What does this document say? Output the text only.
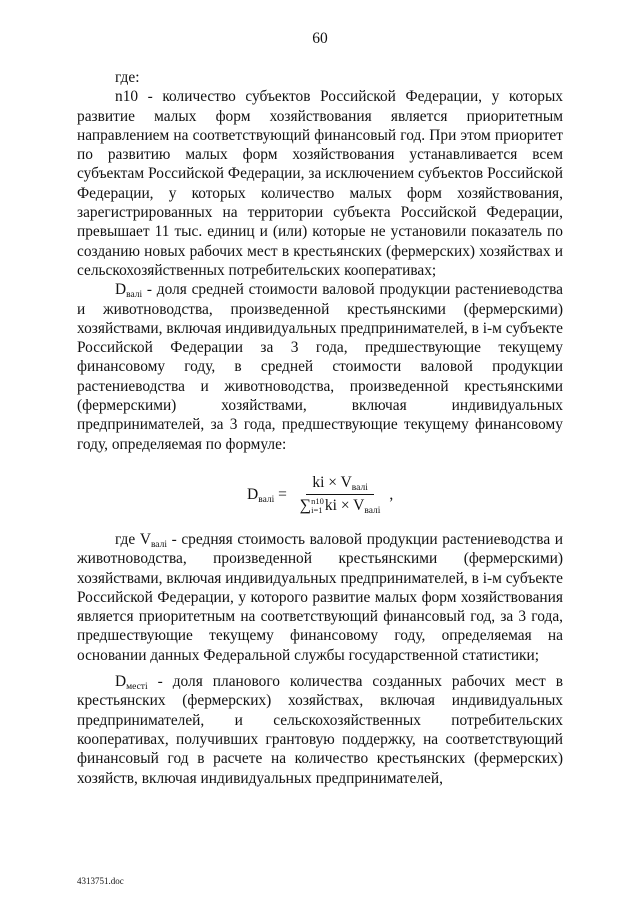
60

где:

n10 - количество субъектов Российской Федерации, у которых развитие малых форм хозяйствования является приоритетным направлением на соответствующий финансовый год. При этом приоритет по развитию малых форм хозяйствования устанавливается всем субъектам Российской Федерации, за исключением субъектов Российской Федерации, у которых количество малых форм хозяйствования, зарегистрированных на территории субъекта Российской Федерации, превышает 11 тыс. единиц и (или) которые не установили показатель по созданию новых рабочих мест в крестьянских (фермерских) хозяйствах и сельскохозяйственных потребительских кооперативах;

$D_{валi}$ - доля средней стоимости валовой продукции растениеводства и животноводства, произведенной крестьянскими (фермерскими) хозяйствами, включая индивидуальных предпринимателей, в i-м субъекте Российской Федерации за 3 года, предшествующие текущему финансовому году, в средней стоимости валовой продукции растениеводства и животноводства, произведенной крестьянскими (фермерскими) хозяйствами, включая индивидуальных предпринимателей, за 3 года, предшествующие текущему финансовому году, определяемая по формуле:

где $V_{валi}$ - средняя стоимость валовой продукции растениеводства и животноводства, произведенной крестьянскими (фермерскими) хозяйствами, включая индивидуальных предпринимателей, в i-м субъекте Российской Федерации, у которого развитие малых форм хозяйствования является приоритетным на соответствующий финансовый год, за 3 года, предшествующие текущему финансовому году, определяемая на основании данных Федеральной службы государственной статистики;

$D_{местi}$ - доля планового количества созданных рабочих мест в крестьянских (фермерских) хозяйствах, включая индивидуальных предпринимателей, и сельскохозяйственных потребительских кооперативах, получивших грантовую поддержку, на соответствующий финансовый год в расчете на количество крестьянских (фермерских) хозяйств, включая индивидуальных предпринимателей,

$D_{валi}$ = ki × $V_{валi}$
∑ n10
i=1 ki × $V_{валi}$ ,
4313751.doc
